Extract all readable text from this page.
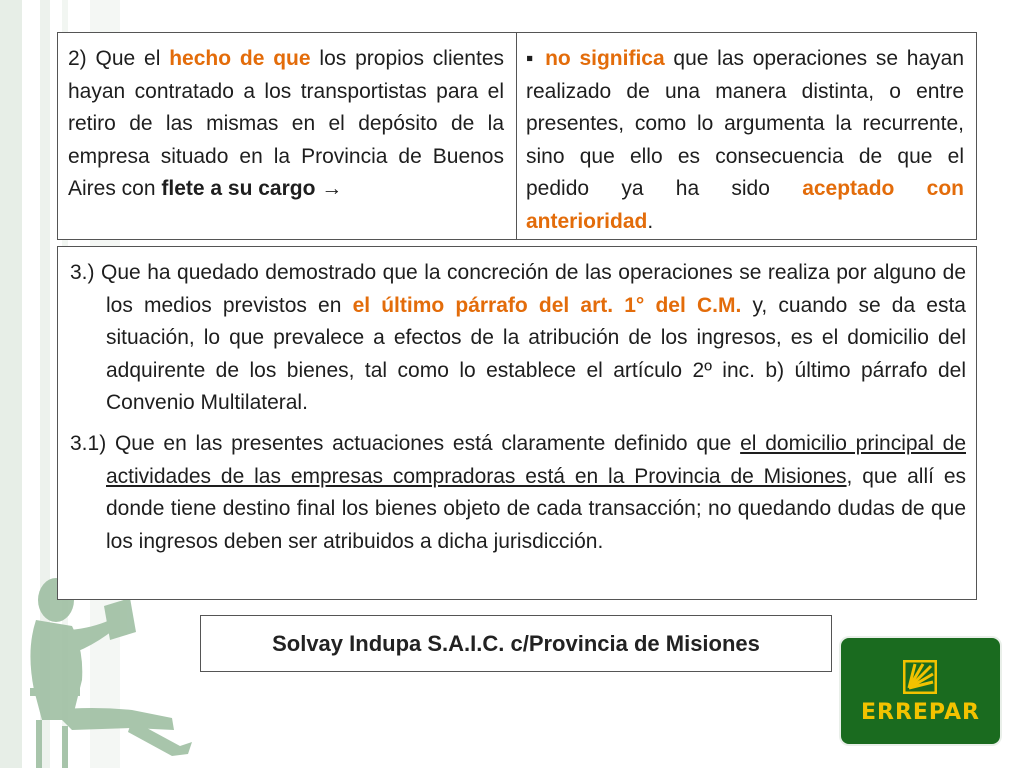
2) Que el hecho de que los propios clientes hayan contratado a los transportistas para el retiro de las mismas en el depósito de la empresa situado en la Provincia de Buenos Aires con flete a su cargo →
▪ no significa que las operaciones se hayan realizado de una manera distinta, o entre presentes, como lo argumenta la recurrente, sino que ello es consecuencia de que el pedido ya ha sido aceptado con anterioridad.

3.) Que ha quedado demostrado que la concreción de las operaciones se realiza por alguno de los medios previstos en el último párrafo del art. 1° del C.M. y, cuando se da esta situación, lo que prevalece a efectos de la atribución de los ingresos, es el domicilio del adquirente de los bienes, tal como lo establece el artículo 2º inc. b) último párrafo del Convenio Multilateral.

3.1) Que en las presentes actuaciones está claramente definido que el domicilio principal de actividades de las empresas compradoras está en la Provincia de Misiones, que allí es donde tiene destino final los bienes objeto de cada transacción; no quedando dudas de que los ingresos deben ser atribuidos a dicha jurisdicción.

Solvay Indupa S.A.I.C. c/Provincia de Misiones
ERREPAR
